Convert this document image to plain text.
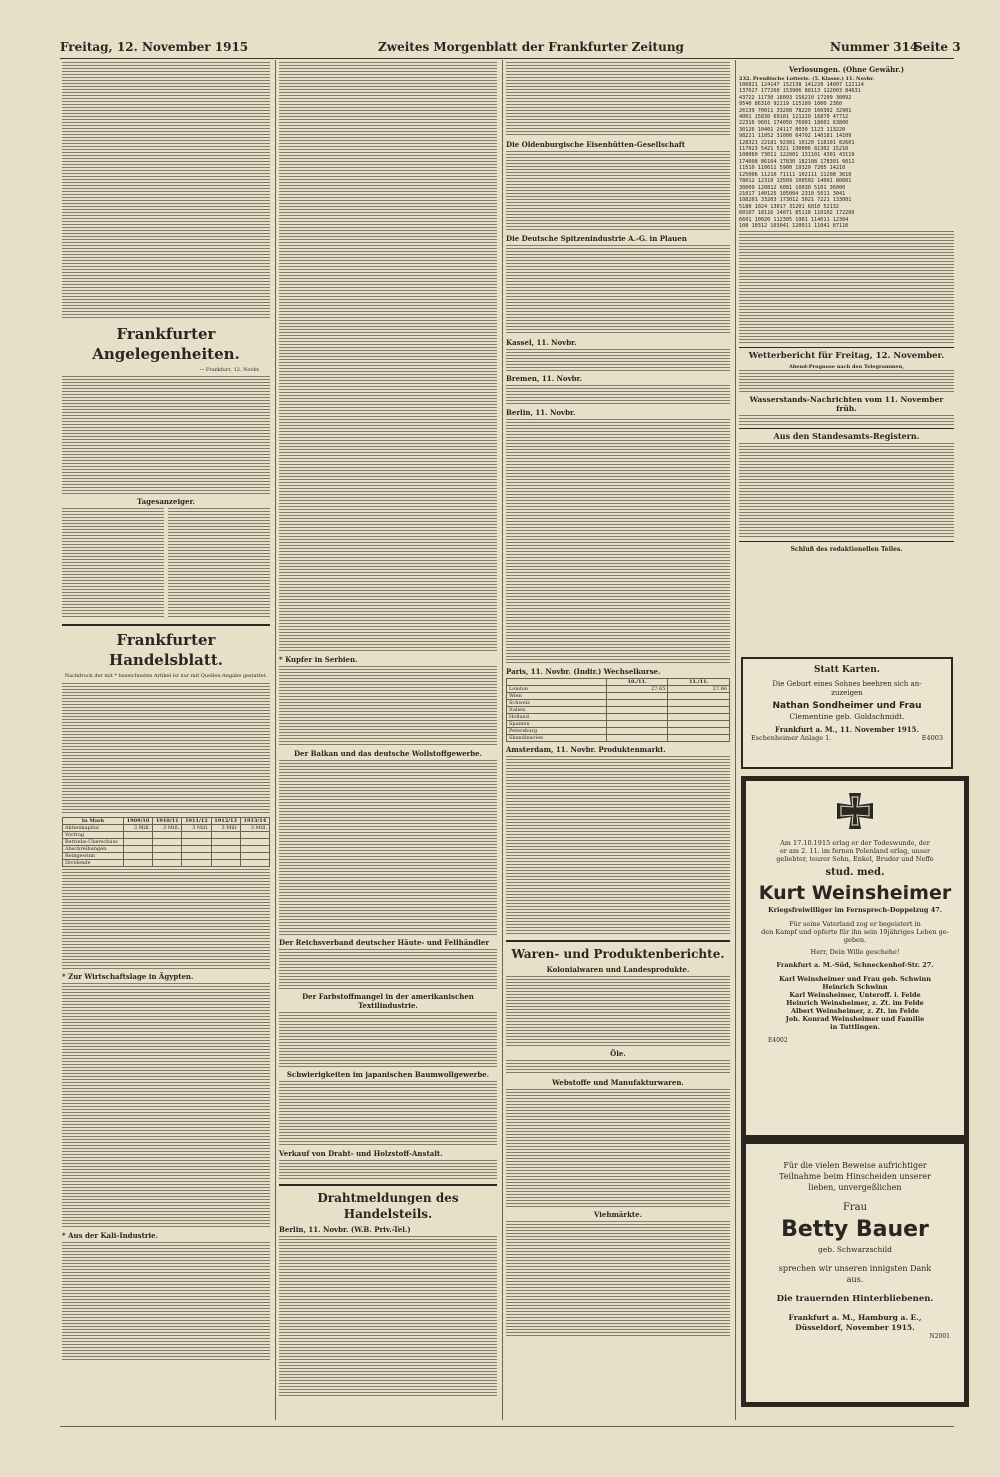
Freitag, 12. November 1915	Zweites Morgenblatt der Frankfurter Zeitung	Nummer 314
Seite 3
Frankfurter Angelegenheiten.
— Frankfurt, 12. Novbr.
Tagesanzeiger.
Frankfurter Handelsblatt.
Nachdruck der mit * bezeichneten Artikel ist nur mit Quellen-Angabe gestattet.
In Mark	1909/10	1910/11	1911/12	1912/13	1913/14
Aktienkapital	3 Mill.	3 Mill.	3 Mill.	3 Mill.	3 Mill.
Vortrag					
Betriebs-Überschuss					
Abschreibungen					
Reingewinn					
Dividende					
* Zur Wirtschaftslage in Ägypten.
* Aus der Kali-Industrie.
* Kupfer in Serbien.
Der Balkan und das deutsche Wollstoffgewerbe.
Der Reichsverband deutscher Häute- und Fellhändler
Der Farbstoffmangel in der amerikanischen Textilindustrie.
Schwierigkeiten im japanischen Baumwollgewerbe.
Verkauf von Draht- und Holzstoff-Anstalt.
Drahtmeldungen des Handelsteils.
Berlin, 11. Novbr. (W.B. Priv.-Tel.)
Die Oldenburgische Eisenhütten-Gesellschaft
Die Deutsche Spitzenindustrie A.-G. in Plauen
Kassel, 11. Novbr.
Bremen, 11. Novbr.
Berlin, 11. Novbr.
Paris, 11. Novbr. (Indir.) Wechselkurse.
	10./11.	11./11.
London	27.65	27.66
Wien		
Schweiz		
Italien		
Holland		
Spanien		
Petersburg		
Skandinavien		
Amsterdam, 11. Novbr. Produktenmarkt.
Waren- und Produktenberichte.
Kolonialwaren und Landesprodukte.
Öle.
Webstoffe und Manufakturwaren.
Viehmärkte.
Verlosungen. (Ohne Gewähr.)
232. Preußische Lotterie. (5. Klasse.) 11. Novbr.
106821 124147 152138 141220 14007 122114
137627 177260 153906 80113 122003 84631
43722 11730 16093 156210 17209 30092
9540 86310 92119 115109 1000 2360
26139 70011 33208 78220 160302 32901
4001 15830 69101 121220 16870 47712
22316 9601 174050 76901 18601 63800
30126 10401 24117 8030 1123 113220
98221 11052 31000 64702 140181 14109
128321 22181 92301 10120 118101 82601
117023 5421 5321 130006 81302 15210
108060 73011 122001 131101 4301 43119
174008 86104 17830 182108 178301 6011
11510 110011 5900 19320 7205 14210
125006 11210 71111 102111 11208 3610
78012 12310 13509 108502 14001 80601
30009 120812 6081 10030 5101 36000
21017 140125 105004 2310 5011 3041
108201 33203 173012 3021 7221 133001
5180 1024 13017 31201 6010 52132
60107 18116 14071 85118 110102 172206
6601 10020 112305 1901 114011 12304
108 10312 103041 120011 11041 87110
Wetterbericht für Freitag, 12. November.
Abend-Prognose nach den Telegrammen,
Wasserstands-Nachrichten vom 11. November früh.
Aus den Standesamts-Registern.
Schluß des redaktionellen Teiles.
Statt Karten.
Die Geburt eines Sohnes beehren sich an-
zuzeigen
Nathan Sondheimer und Frau
Clementine geb. Goldschmidt.
Frankfurt a. M., 11. November 1915.
Eschenheimer Anlage 1.	E4003
Am 17.10.1915 erlag er der Todeswunde, der
er am 2. 11. im fernen Polenland erlag, unser
geliebter, teurer Sohn, Enkel, Bruder und Neffe
stud. med.
Kurt Weinsheimer
Kriegsfreiwilliger im Fernsprech-Doppelzug 47.
Für seine Vaterland zog er begeistert in
den Kampf und opferte für ihn sein 19jähriges Leben ge-
geben.
Herr, Dein Wille geschehe!
Frankfurt a. M.-Süd, Schneckenhof-Str. 27.
Karl Weinsheimer und Frau geb. Schwinn
Heinrich Schwinn
Karl Weinsheimer, Unteroff. i. Felde
Heinrich Weinsheimer, z. Zt. im Felde
Albert Weinsheimer, z. Zt. im Felde
Joh. Konrad Weinsheimer und Familie
in Tuttlingen.
E4002
Für die vielen Beweise aufrichtiger
Teilnahme beim Hinscheiden unserer
lieben, unvergeßlichen
Frau
Betty Bauer
geb. Schwarzschild
sprechen wir unseren innigsten Dank
aus.
Die trauernden Hinterbliebenen.
Frankfurt a. M., Hamburg a. E.,
Düsseldorf, November 1915.
N2001
